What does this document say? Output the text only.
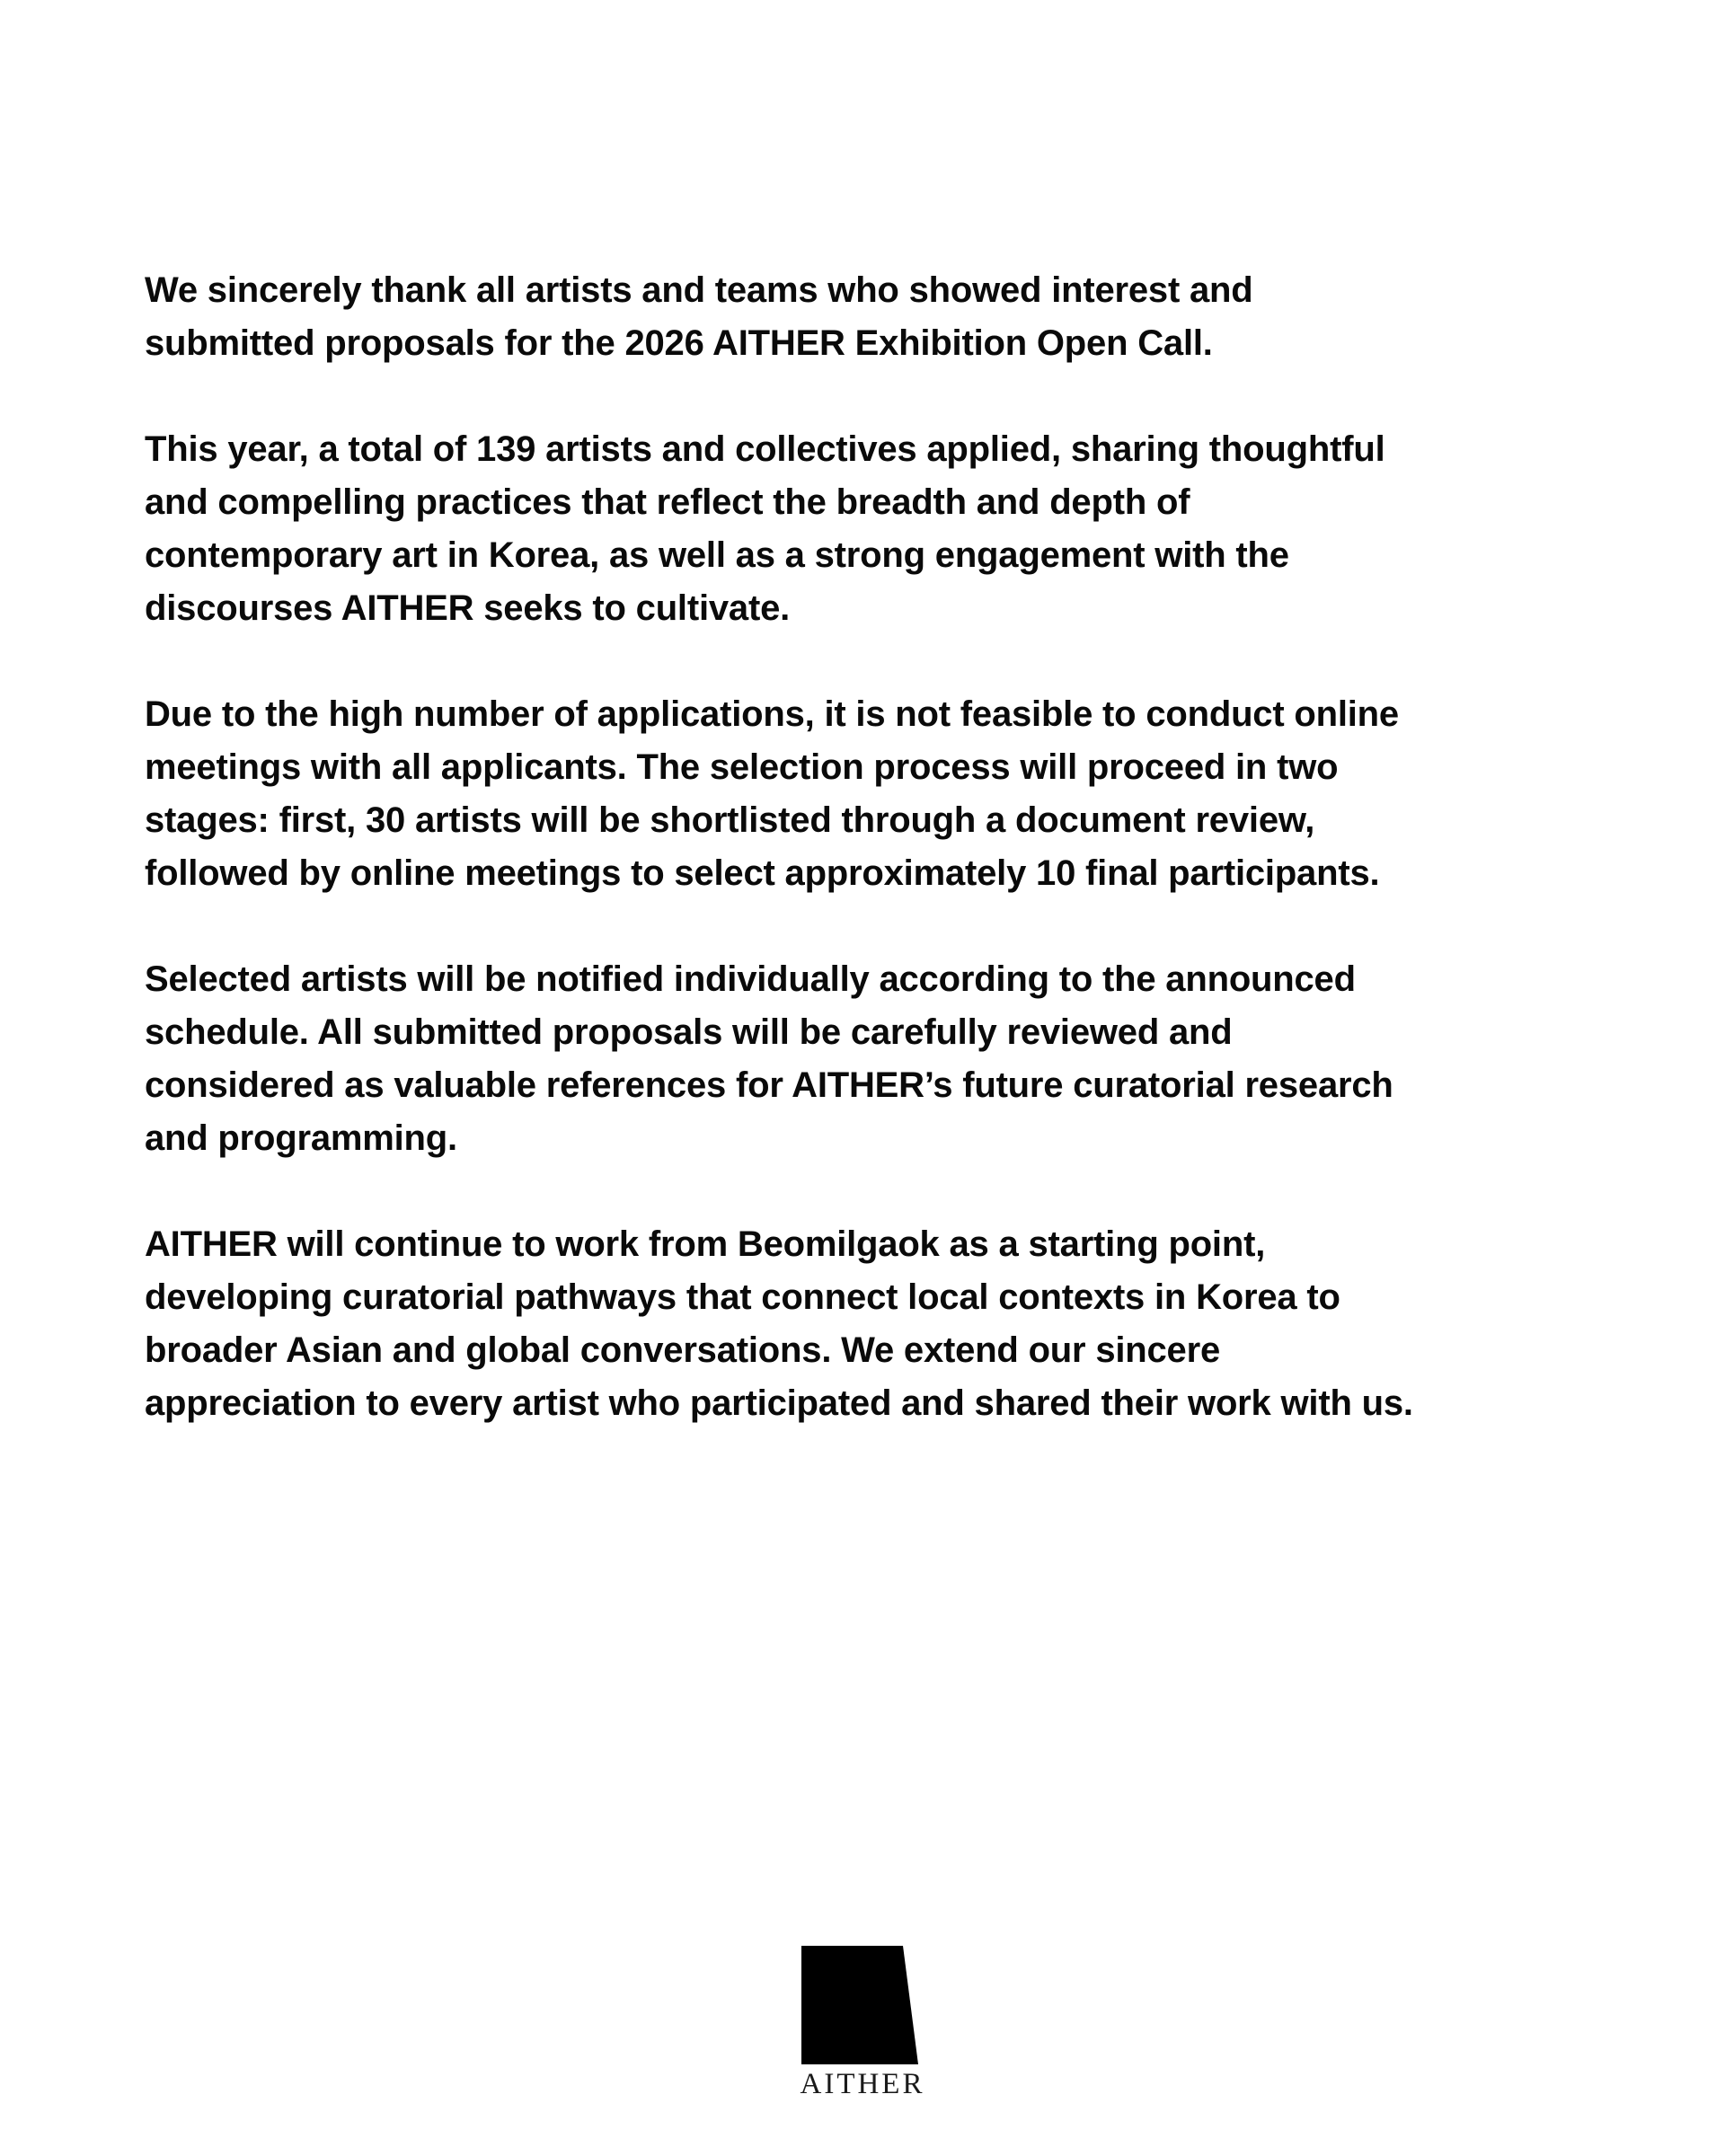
We sincerely thank all artists and teams who showed interest and
submitted proposals for the 2026 AITHER Exhibition Open Call.

This year, a total of 139 artists and collectives applied, sharing thoughtful
and compelling practices that reflect the breadth and depth of
contemporary art in Korea, as well as a strong engagement with the
discourses AITHER seeks to cultivate.

Due to the high number of applications, it is not feasible to conduct online
meetings with all applicants. The selection process will proceed in two
stages: first, 30 artists will be shortlisted through a document review,
followed by online meetings to select approximately 10 final participants.

Selected artists will be notified individually according to the announced
schedule. All submitted proposals will be carefully reviewed and
considered as valuable references for AITHER’s future curatorial research
and programming.

AITHER will continue to work from Beomilgaok as a starting point,
developing curatorial pathways that connect local contexts in Korea to
broader Asian and global conversations. We extend our sincere
appreciation to every artist who participated and shared their work with us.

AITHER
